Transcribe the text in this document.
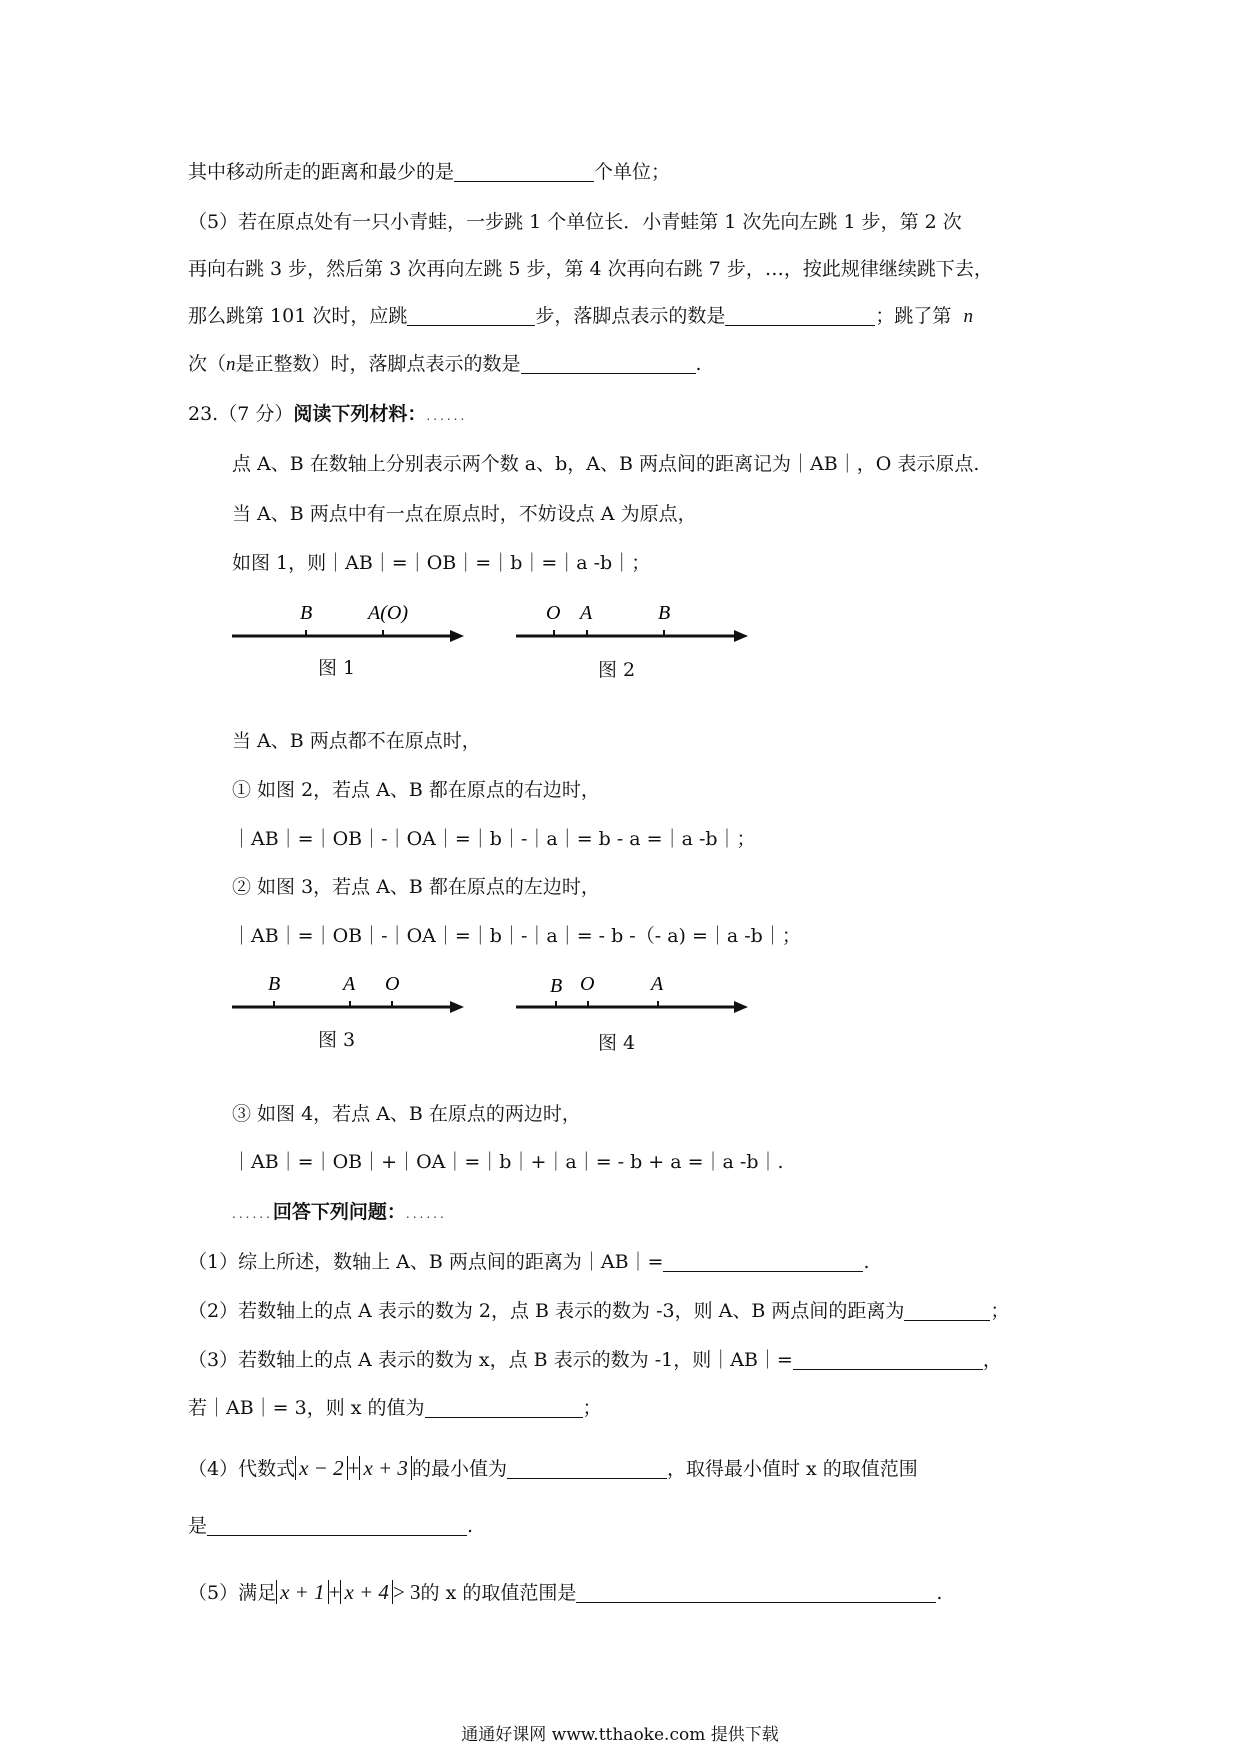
其中移动所走的距离和最少的是	个单位；
（5）若在原点处有一只小青蛙，一步跳 1 个单位长．小青蛙第 1 次先向左跳 1 步，第 2 次
再向右跳 3 步，然后第 3 次再向左跳 5 步，第 4 次再向右跳 7 步，…，按此规律继续跳下去，
那么跳第 101 次时，应跳	步，落脚点表示的数是	；跳了第 n
次（n是正整数）时，落脚点表示的数是	.
23.（7 分）阅读下列材料：......
点 A、B 在数轴上分别表示两个数 a、b，A、B 两点间的距离记为｜AB｜，O 表示原点.
当 A、B 两点中有一点在原点时，不妨设点 A 为原点，
如图 1，则｜AB｜=｜OB｜=｜b｜=｜a -b｜；
B	A(O)
图 1
O A	B
图 2
当 A、B 两点都不在原点时，
① 如图 2，若点 A、B 都在原点的右边时，
｜AB｜=｜OB｜-｜OA｜=｜b｜-｜a｜= b - a =｜a -b｜；
② 如图 3，若点 A、B 都在原点的左边时，
｜AB｜=｜OB｜-｜OA｜=｜b｜-｜a｜= - b -（- a) =｜a -b｜；
B	A O
图 3
B O	A
图 4
③ 如图 4，若点 A、B 在原点的两边时，
｜AB｜=｜OB｜+｜OA｜=｜b｜+｜a｜= - b + a =｜a -b｜.
......回答下列问题：......
（1）综上所述，数轴上 A、B 两点间的距离为｜AB｜=	.
（2）若数轴上的点 A 表示的数为 2，点 B 表示的数为 -3，则 A、B 两点间的距离为	；
（3）若数轴上的点 A 表示的数为 x，点 B 表示的数为 -1，则｜AB｜=	，
若｜AB｜= 3，则 x 的值为	；
（4）代数式 x − 2 + x + 3 的最小值为	，取得最小值时 x 的取值范围
是	.
（5）满足 x + 1 + x + 4 > 3的 x 的取值范围是	.
通通好课网 www.tthaoke.com 提供下载
